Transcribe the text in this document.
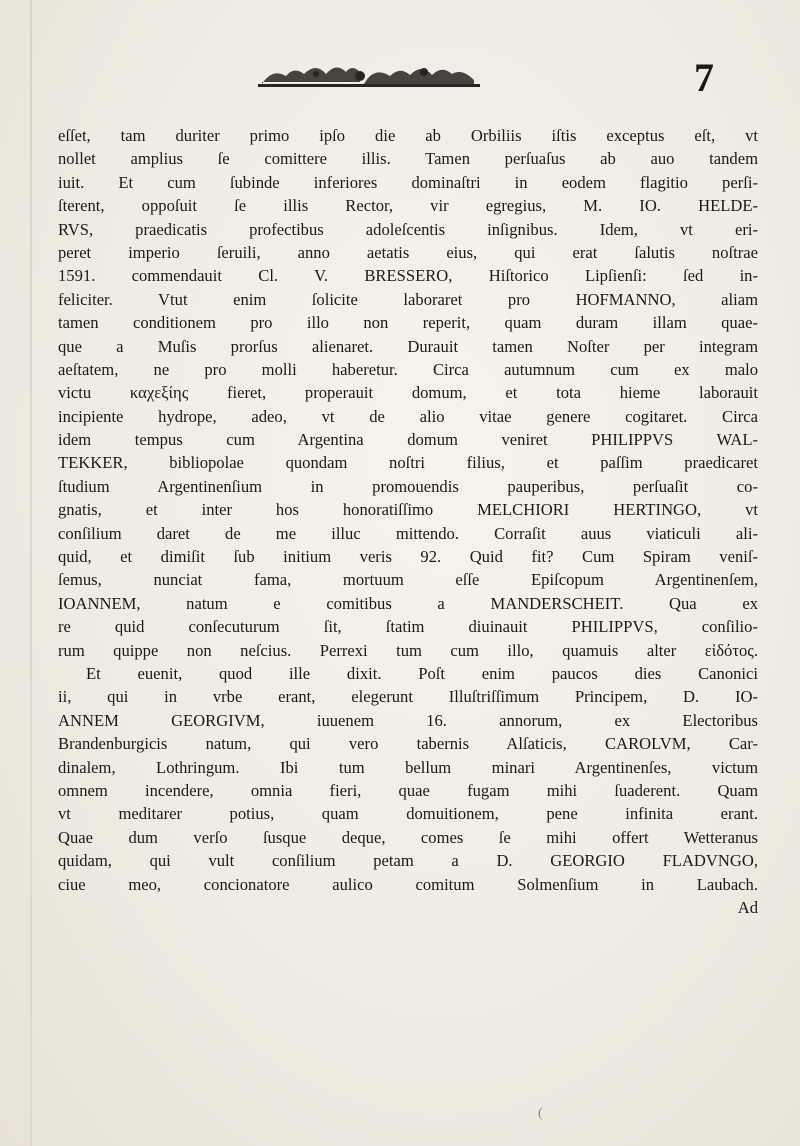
7
eſſet, tam duriter primo ipſo die ab Orbiliis iſtis exceptus eſt, vt
nollet amplius ſe comittere illis. Tamen perſuaſus ab auo tandem
iuit. Et cum ſubinde inferiores dominaſtri in eodem flagitio perſi-
ſterent, oppoſuit ſe illis Rector, vir egregius, M. IO. HELDE-
RVS, praedicatis profectibus adoleſcentis inſignibus. Idem, vt eri-
peret imperio ſeruili, anno aetatis eius, qui erat ſalutis noſtrae
1591. commendauit Cl. V. BRESSERO, Hiſtorico Lipſienſi: ſed in-
feliciter. Vtut enim ſolicite laboraret pro HOFMANNO, aliam
tamen conditionem pro illo non reperit, quam duram illam quae-
que a Muſis prorſus alienaret. Durauit tamen Noſter per integram
aeſtatem, ne pro molli haberetur. Circa autumnum cum ex malo
victu καχεξίης fieret, properauit domum, et tota hieme laborauit
incipiente hydrope, adeo, vt de alio vitae genere cogitaret. Circa
idem tempus cum Argentina domum veniret PHILIPPVS WAL-
TEKKER, bibliopolae quondam noſtri filius, et paſſim praedicaret
ſtudium Argentinenſium in promouendis pauperibus, perſuaſit co-
gnatis, et inter hos honoratiſſimo MELCHIORI HERTINGO, vt
conſilium daret de me illuc mittendo. Corraſit auus viaticuli ali-
quid, et dimiſit ſub initium veris 92. Quid fit? Cum Spiram veniſ-
ſemus, nunciat fama, mortuum eſſe Epiſcopum Argentinenſem,
IOANNEM, natum e comitibus a MANDERSCHEIT. Qua ex
re quid conſecuturum ſit, ſtatim diuinauit PHILIPPVS, conſilio-
rum quippe non neſcius. Perrexi tum cum illo, quamuis alter εἰδότος.
Et euenit, quod ille dixit. Poſt enim paucos dies Canonici
ii, qui in vrbe erant, elegerunt Illuſtriſſimum Principem, D. IO-
ANNEM GEORGIVM, iuuenem 16. annorum, ex Electoribus
Brandenburgicis natum, qui vero tabernis Alſaticis, CAROLVM, Car-
dinalem, Lothringum. Ibi tum bellum minari Argentinenſes, victum
omnem incendere, omnia fieri, quae fugam mihi ſuaderent. Quam
vt meditarer potius, quam domuitionem, pene infinita erant.
Quae dum verſo ſusque deque, comes ſe mihi offert Wetteranus
quidam, qui vult conſilium petam a D. GEORGIO FLADVNGO,
ciue meo, concionatore aulico comitum Solmenſium in Laubach.
Ad
(
